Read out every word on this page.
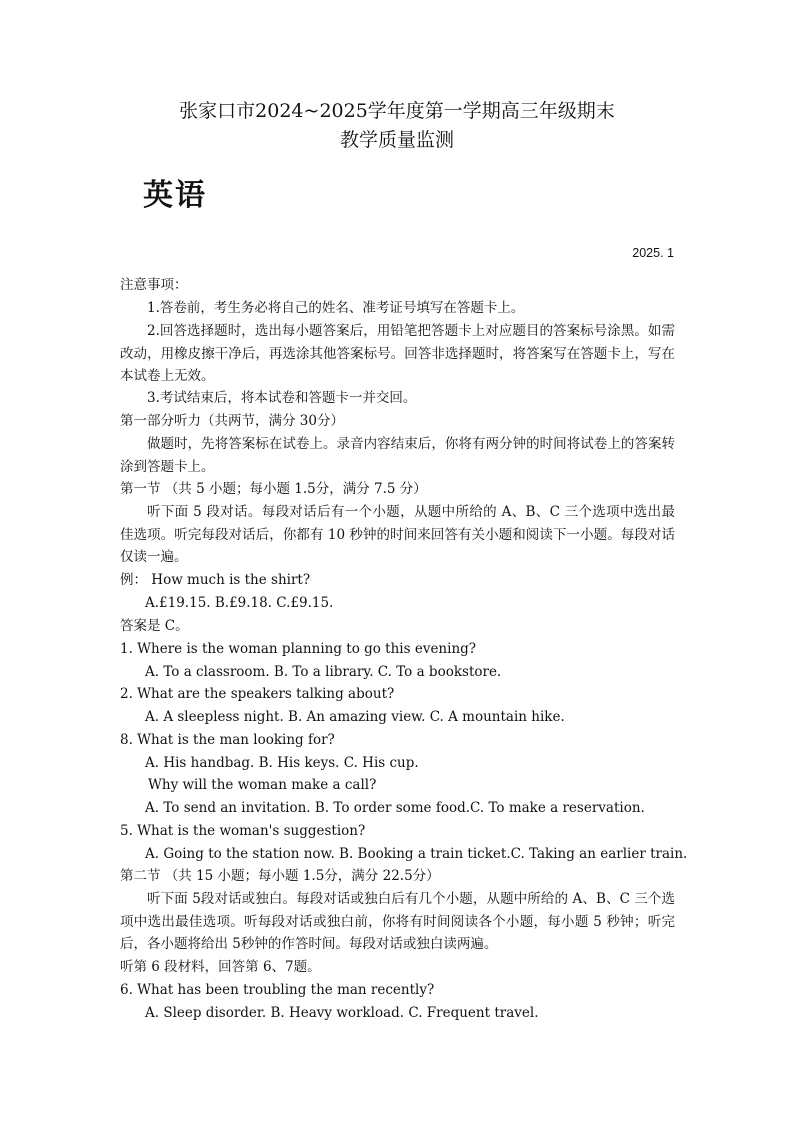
张家口市2024~2025学年度第一学期高三年级期末
教学质量监测
英语
2025. 1
注意事项：
1.答卷前，考生务必将自己的姓名、准考证号填写在答题卡上。
2.回答选择题时，选出每小题答案后，用铅笔把答题卡上对应题目的答案标号涂黑。如需改动，用橡皮擦干净后，再选涂其他答案标号。回答非选择题时，将答案写在答题卡上，写在本试卷上无效。
3.考试结束后，将本试卷和答题卡一并交回。
第一部分听力（共两节，满分 30分）
做题时，先将答案标在试卷上。录音内容结束后，你将有两分钟的时间将试卷上的答案转涂到答题卡上。
第一节 （共 5 小题；每小题 1.5分，满分 7.5 分）
听下面 5 段对话。每段对话后有一个小题，从题中所给的 A、B、C 三个选项中选出最佳选项。听完每段对话后，你都有 10 秒钟的时间来回答有关小题和阅读下一小题。每段对话仅读一遍。
例： How much is the shirt?
A.£19.15. B.£9.18. C.£9.15.
答案是 C。
1. Where is the woman planning to go this evening?
A. To a classroom. B. To a library. C. To a bookstore.
2. What are the speakers talking about?
A. A sleepless night. B. An amazing view. C. A mountain hike.
8. What is the man looking for?
A. His handbag. B. His keys. C. His cup.
Why will the woman make a call?
A. To send an invitation. B. To order some food.C. To make a reservation.
5. What is the woman's suggestion?
A. Going to the station now. B. Booking a train ticket.C. Taking an earlier train.
第二节 （共 15 小题；每小题 1.5分，满分 22.5分）
听下面 5段对话或独白。每段对话或独白后有几个小题，从题中所给的 A、B、C 三个选项中选出最佳选项。听每段对话或独白前，你将有时间阅读各个小题，每小题 5 秒钟；听完后，各小题将给出 5秒钟的作答时间。每段对话或独白读两遍。
听第 6 段材料，回答第 6、7题。
6. What has been troubling the man recently?
A. Sleep disorder. B. Heavy workload. C. Frequent travel.
